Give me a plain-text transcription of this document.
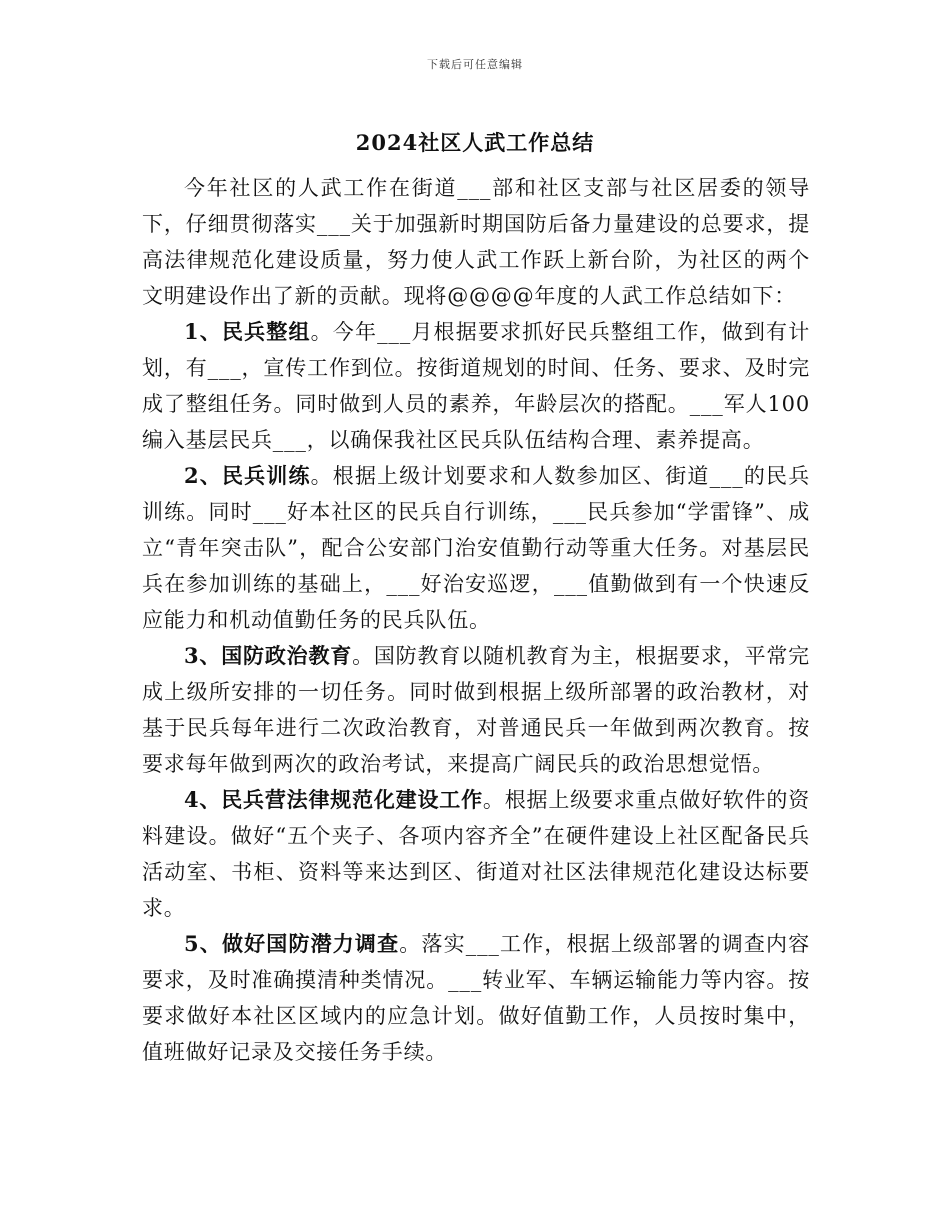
下载后可任意编辑
2024社区人武工作总结

今年社区的人武工作在街道___部和社区支部与社区居委的领导下，仔细贯彻落实___关于加强新时期国防后备力量建设的总要求，提高法律规范化建设质量，努力使人武工作跃上新台阶，为社区的两个文明建设作出了新的贡献。现将@@@@年度的人武工作总结如下：

1、民兵整组。今年___月根据要求抓好民兵整组工作，做到有计划，有___，宣传工作到位。按街道规划的时间、任务、要求、及时完成了整组任务。同时做到人员的素养，年龄层次的搭配。___军人100编入基层民兵___，以确保我社区民兵队伍结构合理、素养提高。

2、民兵训练。根据上级计划要求和人数参加区、街道___的民兵训练。同时___好本社区的民兵自行训练，___民兵参加“学雷锋”、成立“青年突击队”，配合公安部门治安值勤行动等重大任务。对基层民兵在参加训练的基础上，___好治安巡逻，___值勤做到有一个快速反应能力和机动值勤任务的民兵队伍。

3、国防政治教育。国防教育以随机教育为主，根据要求，平常完成上级所安排的一切任务。同时做到根据上级所部署的政治教材，对基于民兵每年进行二次政治教育，对普通民兵一年做到两次教育。按要求每年做到两次的政治考试，来提高广阔民兵的政治思想觉悟。

4、民兵营法律规范化建设工作。根据上级要求重点做好软件的资料建设。做好“五个夹子、各项内容齐全”在硬件建设上社区配备民兵活动室、书柜、资料等来达到区、街道对社区法律规范化建设达标要求。

5、做好国防潜力调查。落实___工作，根据上级部署的调查内容要求，及时准确摸清种类情况。___转业军、车辆运输能力等内容。按要求做好本社区区域内的应急计划。做好值勤工作，人员按时集中，值班做好记录及交接任务手续。
